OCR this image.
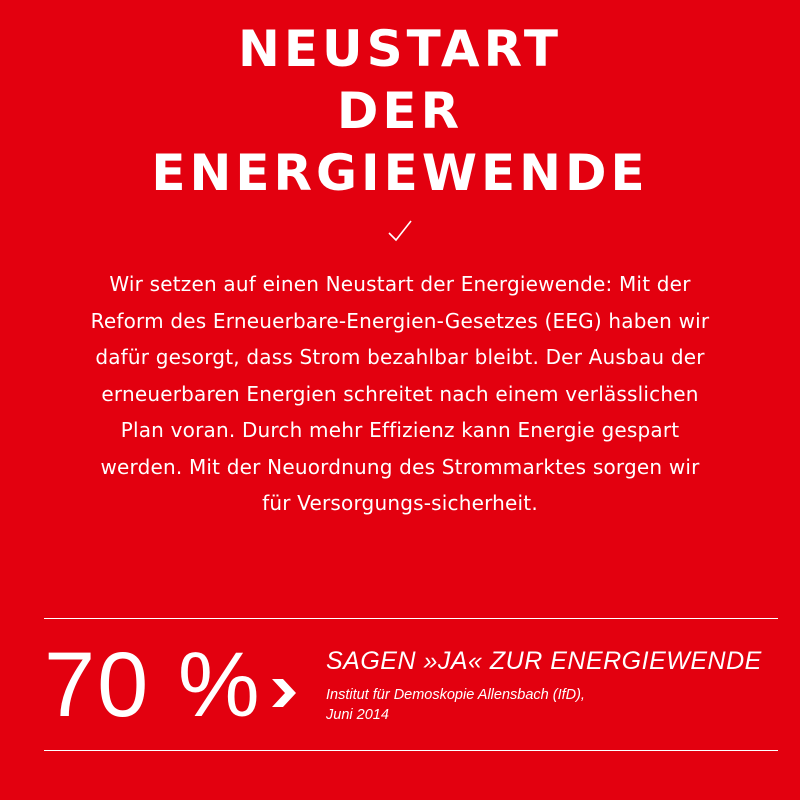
NEUSTART
DER
ENERGIEWENDE
Wir setzen auf einen Neustart der Energiewende: Mit der Reform des Erneuerbare-Energien-Gesetzes (EEG) haben wir dafür gesorgt, dass Strom bezahlbar bleibt. Der Ausbau der erneuerbaren Energien schreitet nach einem verlässlichen Plan voran. Durch mehr Effizienz kann Energie gespart werden. Mit der Neuordnung des Strommarktes sorgen wir für Versorgungs-sicherheit.
70 %	SAGEN »JA« ZUR ENERGIEWENDE
Institut für Demoskopie Allensbach (IfD),
Juni 2014
